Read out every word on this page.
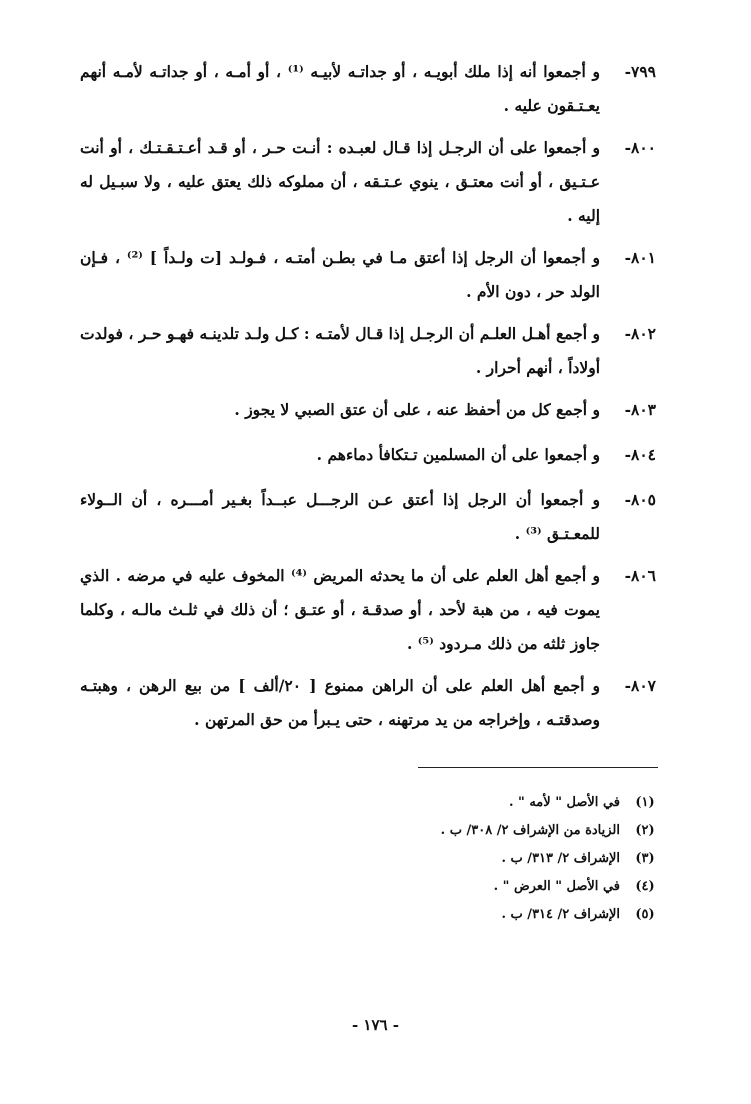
٧٩٩-
و أجمعوا أنه إذا ملك أبويـه ، أو جداتـه لأبيـه ⁽¹⁾ ، أو أمـه ، أو جداتـه لأمـه أنهم يعـتـقون عليه .
٨٠٠-
و أجمعوا على أن الرجـل إذا قـال لعبـده : أنـت حـر ، أو قـد أعـتـقـتـك ، أو أنت عـتـيق ، أو أنت معتـق ، ينوي عـتـقه ، أن مملوكه ذلك يعتق عليه ، ولا سبـيل له إليه .
٨٠١-
و أجمعوا أن الرجل إذا أعتق مـا في بطـن أمتـه ، فـولـد [ت ولـداً ] ⁽²⁾ ، فـإن الولد حر ، دون الأم .
٨٠٢-
و أجمع أهـل العلـم أن الرجـل إذا قـال لأمتـه : كـل ولـد تلدينـه فهـو حـر ، فولدت أولاداً ، أنهم أحرار .
٨٠٣-
و أجمع كل من أحفظ عنه ، على أن عتق الصبي لا يجوز .
٨٠٤-
و أجمعوا على أن المسلمين تـتكافأ دماءهم .
٨٠٥-
و أجمعوا أن الرجل إذا أعتق عـن الرجـــل عبــداً بغـير أمـــره ، أن الــولاء للمعـتـق ⁽³⁾ .
٨٠٦-
و أجمع أهل العلم على أن ما يحدثه المريض ⁽⁴⁾ المخوف عليه في مرضه . الذي يموت فيه ، من هبة لأحد ، أو صدقـة ، أو عتـق ؛ أن ذلك في ثلـث مالـه ، وكلما جاوز ثلثه من ذلك مـردود ⁽⁵⁾ .
٨٠٧-
و أجمع أهل العلم على أن الراهن ممنوع [ ٢٠/ألف ] من بيع الرهن ، وهبتـه وصدقتـه ، وإخراجه من يد مرتهنه ، حتى يـبرأ من حق المرتهن .
(١)
في الأصل " لأمه " .
(٢)
الزيادة من الإشراف ٢/ ٣٠٨/ ب .
(٣)
الإشراف ٢/ ٣١٣/ ب .
(٤)
في الأصل " العرض " .
(٥)
الإشراف ٢/ ٣١٤/ ب .
- ١٧٦ -
